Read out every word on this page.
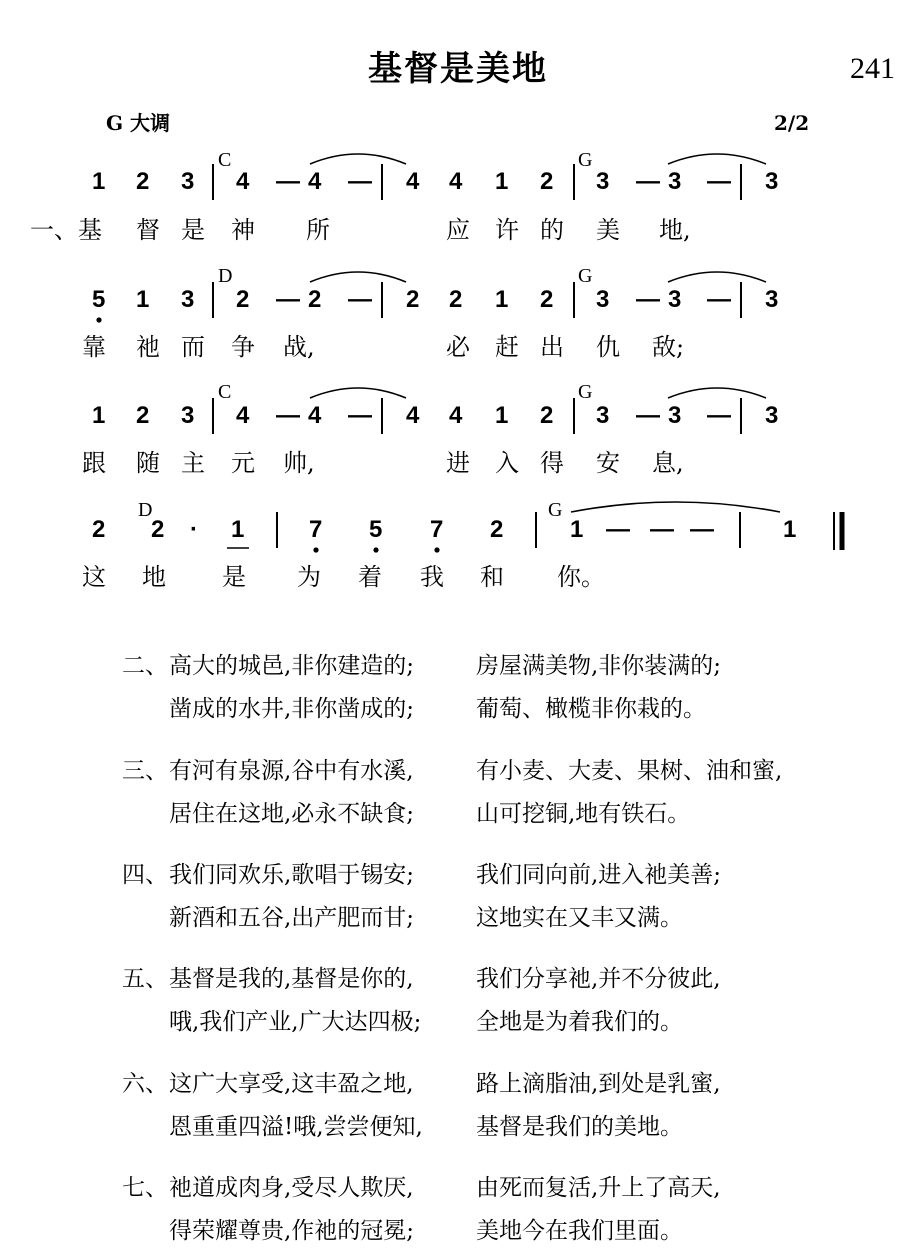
基督是美地	241
G 大调	2/2
1 2 3 4 — 4 — 4 4 1 2 3 — 3 — 3
C	G
一、基 督 是 神 所	应 许 的 美 地,
5 1 3 2 — 2 — 2 2 1 2 3 — 3 — 3
D	G
靠 祂 而 争 战,	必 赶 出 仇 敌;
1 2 3 4 — 4 — 4 4 1 2 3 — 3 — 3
C	G
跟 随 主 元 帅,	进 入 得 安 息,
2 2 · 1	7 5 7 2	1 — — —	1
D	G
这 地 是 为 着 我 和 你。
二、 高大的城邑,非你建造的;	房屋满美物,非你装满的;
凿成的水井,非你凿成的;	葡萄、橄榄非你栽的。
三、 有河有泉源,谷中有水溪,	有小麦、大麦、果树、油和蜜,
居住在这地,必永不缺食;	山可挖铜,地有铁石。
四、 我们同欢乐,歌唱于锡安;	我们同向前,进入祂美善;
新酒和五谷,出产肥而甘;	这地实在又丰又满。
五、 基督是我的,基督是你的,	我们分享祂,并不分彼此,
哦,我们产业,广大达四极; 全地是为着我们的。
六、 这广大享受,这丰盈之地,	路上滴脂油,到处是乳蜜,
恩重重四溢!哦,尝尝便知, 基督是我们的美地。
七、 祂道成肉身,受尽人欺厌,	由死而复活,升上了高天,
得荣耀尊贵,作祂的冠冕;	美地今在我们里面。
